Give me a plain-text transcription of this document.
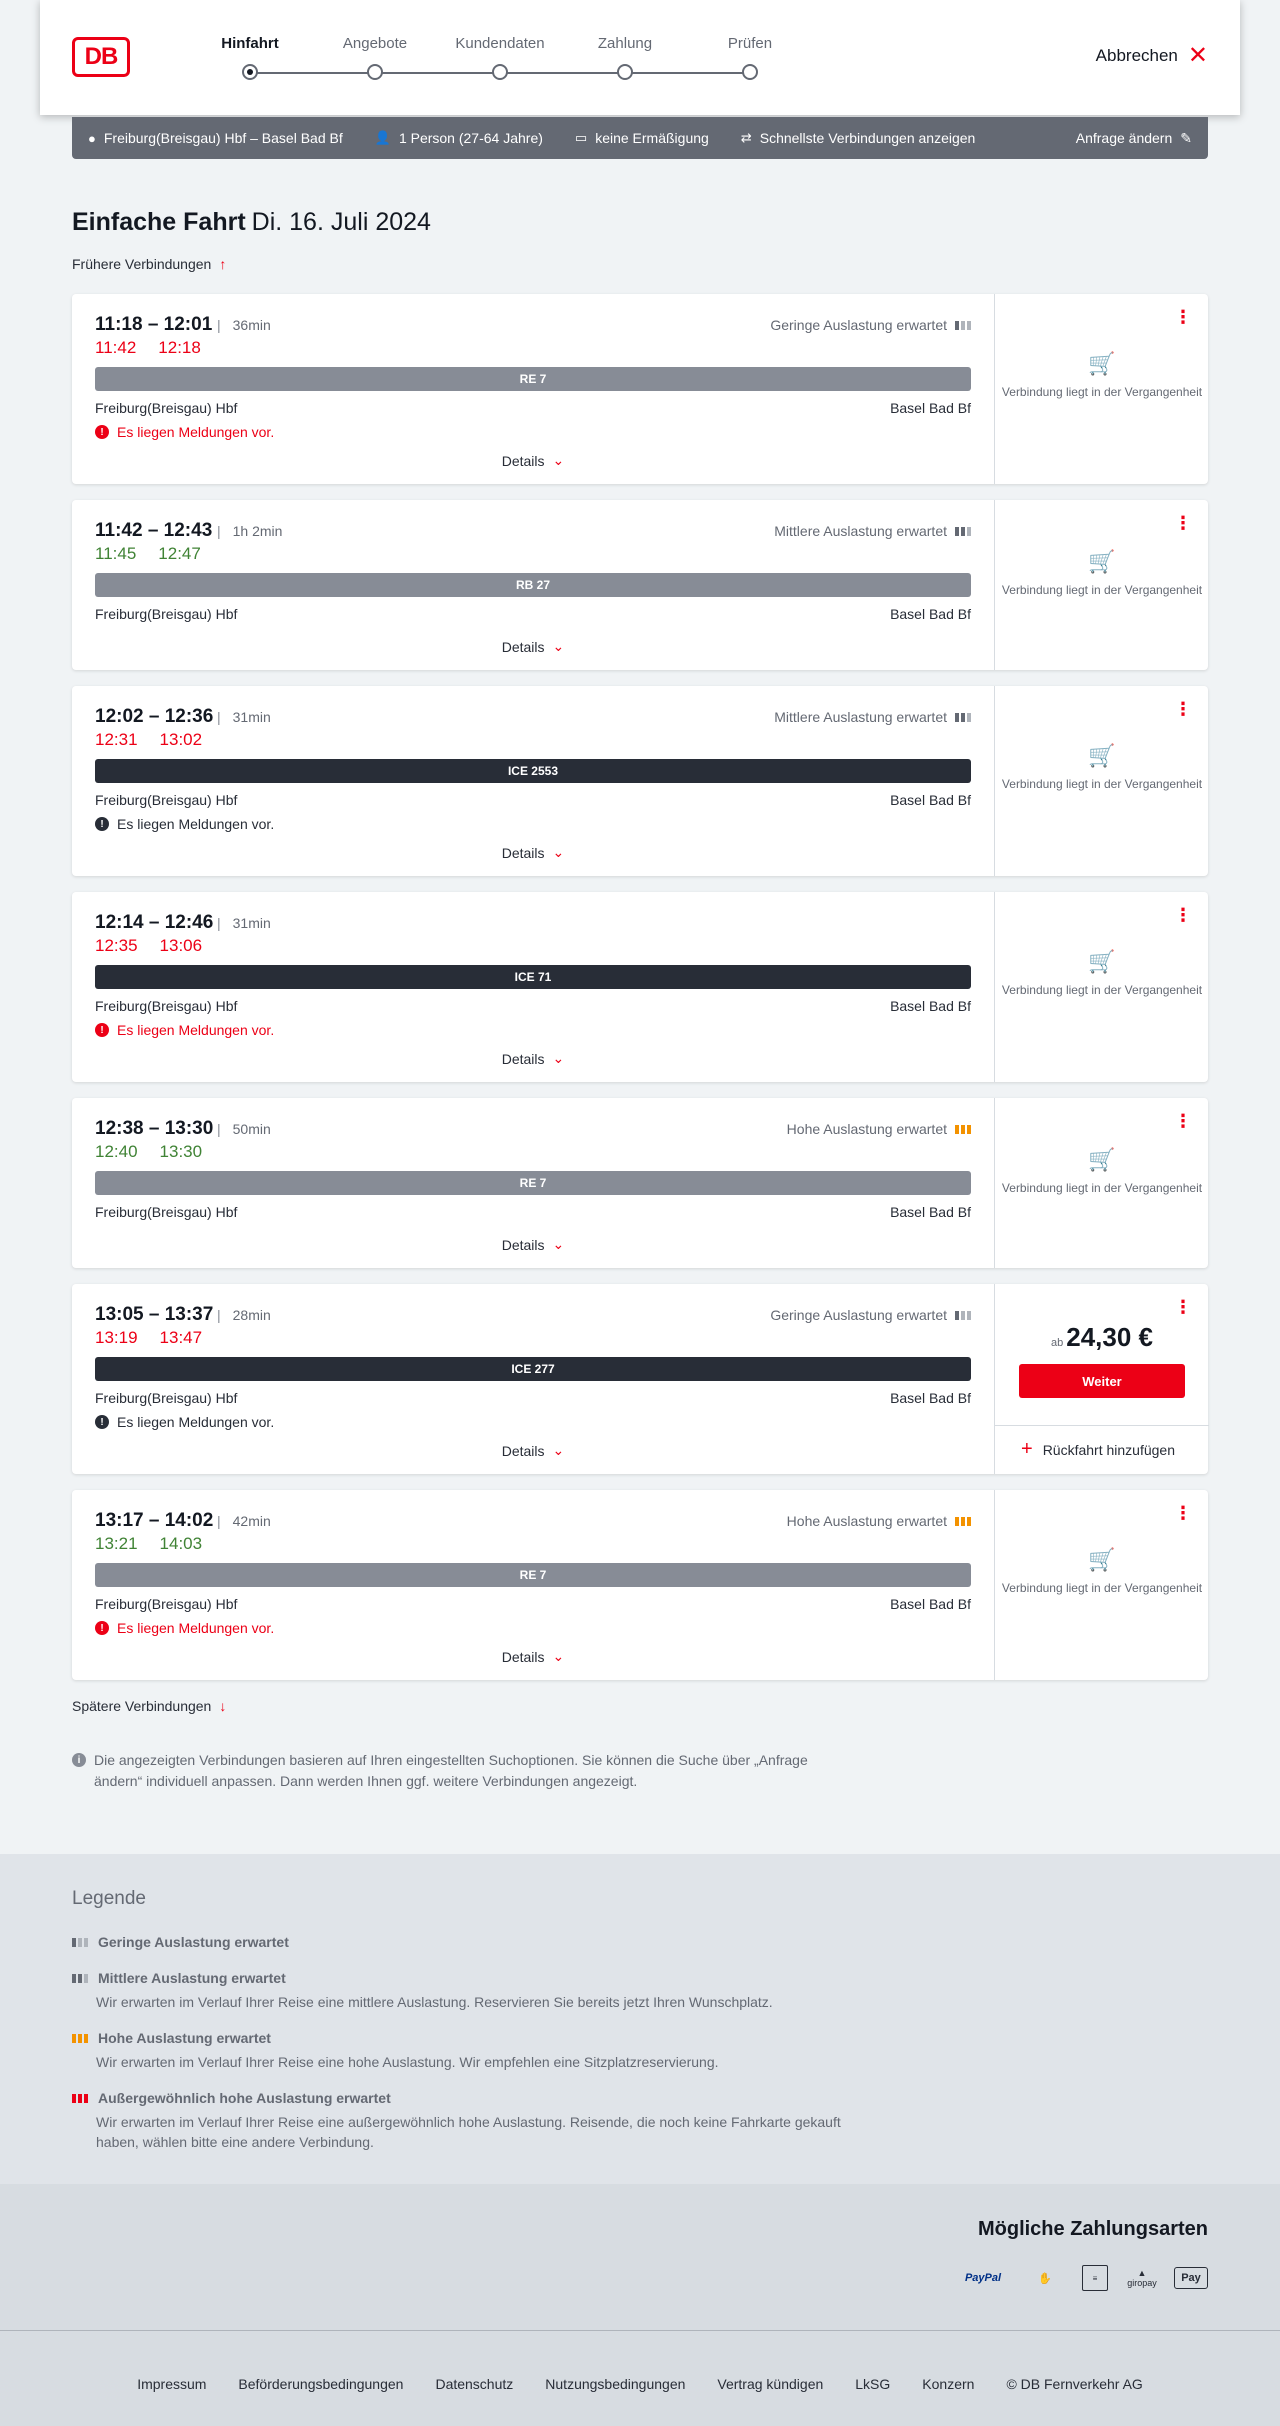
DB	Hinfahrt	Angebote	Kundendaten	Zahlung	Prüfen
Abbrechen ✕
● Freiburg(Breisgau) Hbf – Basel Bad Bf 👤 1 Person (27-64 Jahre) ▭ keine Ermäßigung ⇄ Schnellste Verbindungen anzeigen	Anfrage ändern ✎
Einfache Fahrt Di. 16. Juli 2024
Frühere Verbindungen ↑
11:18 – 12:01	| 36min	Geringe Auslastung erwartet
11:42 12:18
RE 7
Freiburg(Breisgau) Hbf	Basel Bad Bf
! Es liegen Meldungen vor.
Details ⌄
⋮
🛒
Verbindung liegt in der Vergangenheit
11:42 – 12:43	| 1h 2min	Mittlere Auslastung erwartet
11:45 12:47
RB 27
Freiburg(Breisgau) Hbf	Basel Bad Bf
Details ⌄
⋮
🛒
Verbindung liegt in der Vergangenheit
12:02 – 12:36	| 31min	Mittlere Auslastung erwartet
12:31 13:02
ICE 2553
Freiburg(Breisgau) Hbf	Basel Bad Bf
! Es liegen Meldungen vor.
Details ⌄
⋮
🛒
Verbindung liegt in der Vergangenheit
12:14 – 12:46	| 31min
12:35 13:06
ICE 71
Freiburg(Breisgau) Hbf	Basel Bad Bf
! Es liegen Meldungen vor.
Details ⌄
⋮
🛒
Verbindung liegt in der Vergangenheit
12:38 – 13:30	| 50min	Hohe Auslastung erwartet
12:40 13:30
RE 7
Freiburg(Breisgau) Hbf	Basel Bad Bf
Details ⌄
⋮
🛒
Verbindung liegt in der Vergangenheit
13:05 – 13:37	| 28min	Geringe Auslastung erwartet
13:19 13:47
ICE 277
Freiburg(Breisgau) Hbf	Basel Bad Bf
! Es liegen Meldungen vor.
Details ⌄
⋮
ab 24,30 €
Weiter
+ Rückfahrt hinzufügen
13:17 – 14:02	| 42min	Hohe Auslastung erwartet
13:21 14:03
RE 7
Freiburg(Breisgau) Hbf	Basel Bad Bf
! Es liegen Meldungen vor.
Details ⌄
⋮
🛒
Verbindung liegt in der Vergangenheit
Spätere Verbindungen ↓
i Die angezeigten Verbindungen basieren auf Ihren eingestellten Suchoptionen. Sie können die Suche über „Anfrage ändern“ individuell anpassen. Dann werden Ihnen ggf. weitere Verbindungen angezeigt.
Legende
Geringe Auslastung erwartet
Mittlere Auslastung erwartet
Wir erwarten im Verlauf Ihrer Reise eine mittlere Auslastung. Reservieren Sie bereits jetzt Ihren Wunschplatz.
Hohe Auslastung erwartet
Wir erwarten im Verlauf Ihrer Reise eine hohe Auslastung. Wir empfehlen eine Sitzplatzreservierung.
Außergewöhnlich hohe Auslastung erwartet
Wir erwarten im Verlauf Ihrer Reise eine außergewöhnlich hohe Auslastung. Reisende, die noch keine Fahrkarte gekauft haben, wählen bitte eine andere Verbindung.
Mögliche Zahlungsarten
PayPal	✋	≡	▲
giropay Pay
Impressum Beförderungsbedingungen Datenschutz Nutzungsbedingungen Vertrag kündigen LkSG Konzern © DB Fernverkehr AG
